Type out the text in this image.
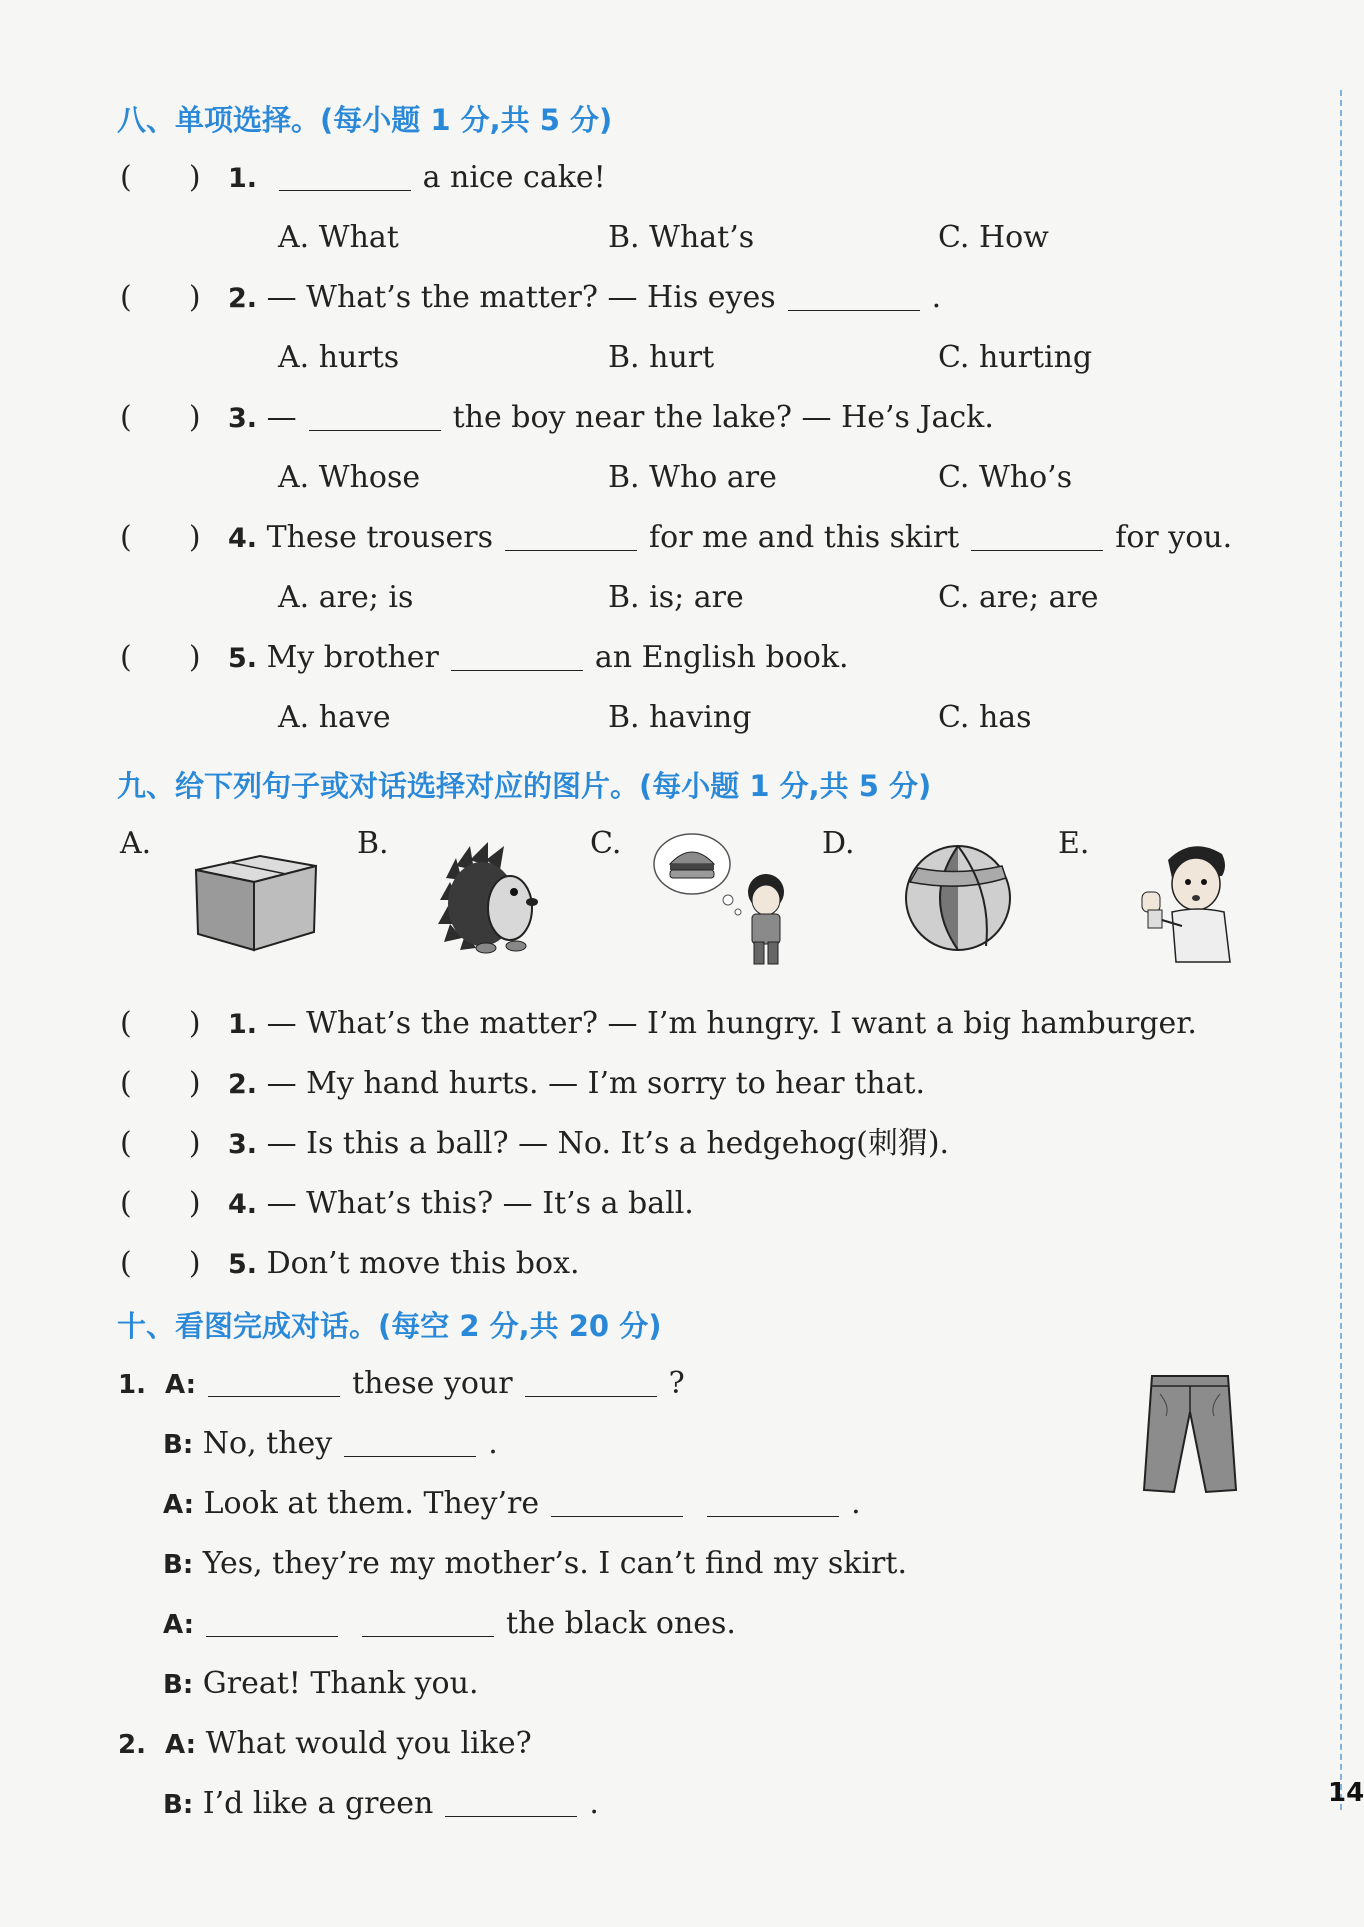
14
八、单项选择。(每小题 1 分,共 5 分)
(      ) 1.	a nice cake!
A. What	B. What’s	C. How
(      ) 2. — What’s the matter? — His eyes	.
A. hurts	B. hurt	C. hurting
(      ) 3. —	the boy near the lake? — He’s Jack.
A. Whose	B. Who are	C. Who’s
(      ) 4. These trousers	for me and this skirt	for you.
A. are; is	B. is; are	C. are; are
(      ) 5. My brother	an English book.
A. have	B. having	C. has
九、给下列句子或对话选择对应的图片。(每小题 1 分,共 5 分)
A.	B.	C.	D.	E.
(      ) 1. — What’s the matter? — I’m hungry. I want a big hamburger.
(      ) 2. — My hand hurts. — I’m sorry to hear that.
(      ) 3. — Is this a ball? — No. It’s a hedgehog(刺猬).
(      ) 4. — What’s this? — It’s a ball.
(      ) 5. Don’t move this box.
十、看图完成对话。(每空 2 分,共 20 分)
1. A:	these your	?
B: No, they	.
A: Look at them. They’re	.
B: Yes, they’re my mother’s. I can’t find my skirt.
A:	the black ones.
B: Great! Thank you.
2. A: What would you like?
B: I’d like a green	.
